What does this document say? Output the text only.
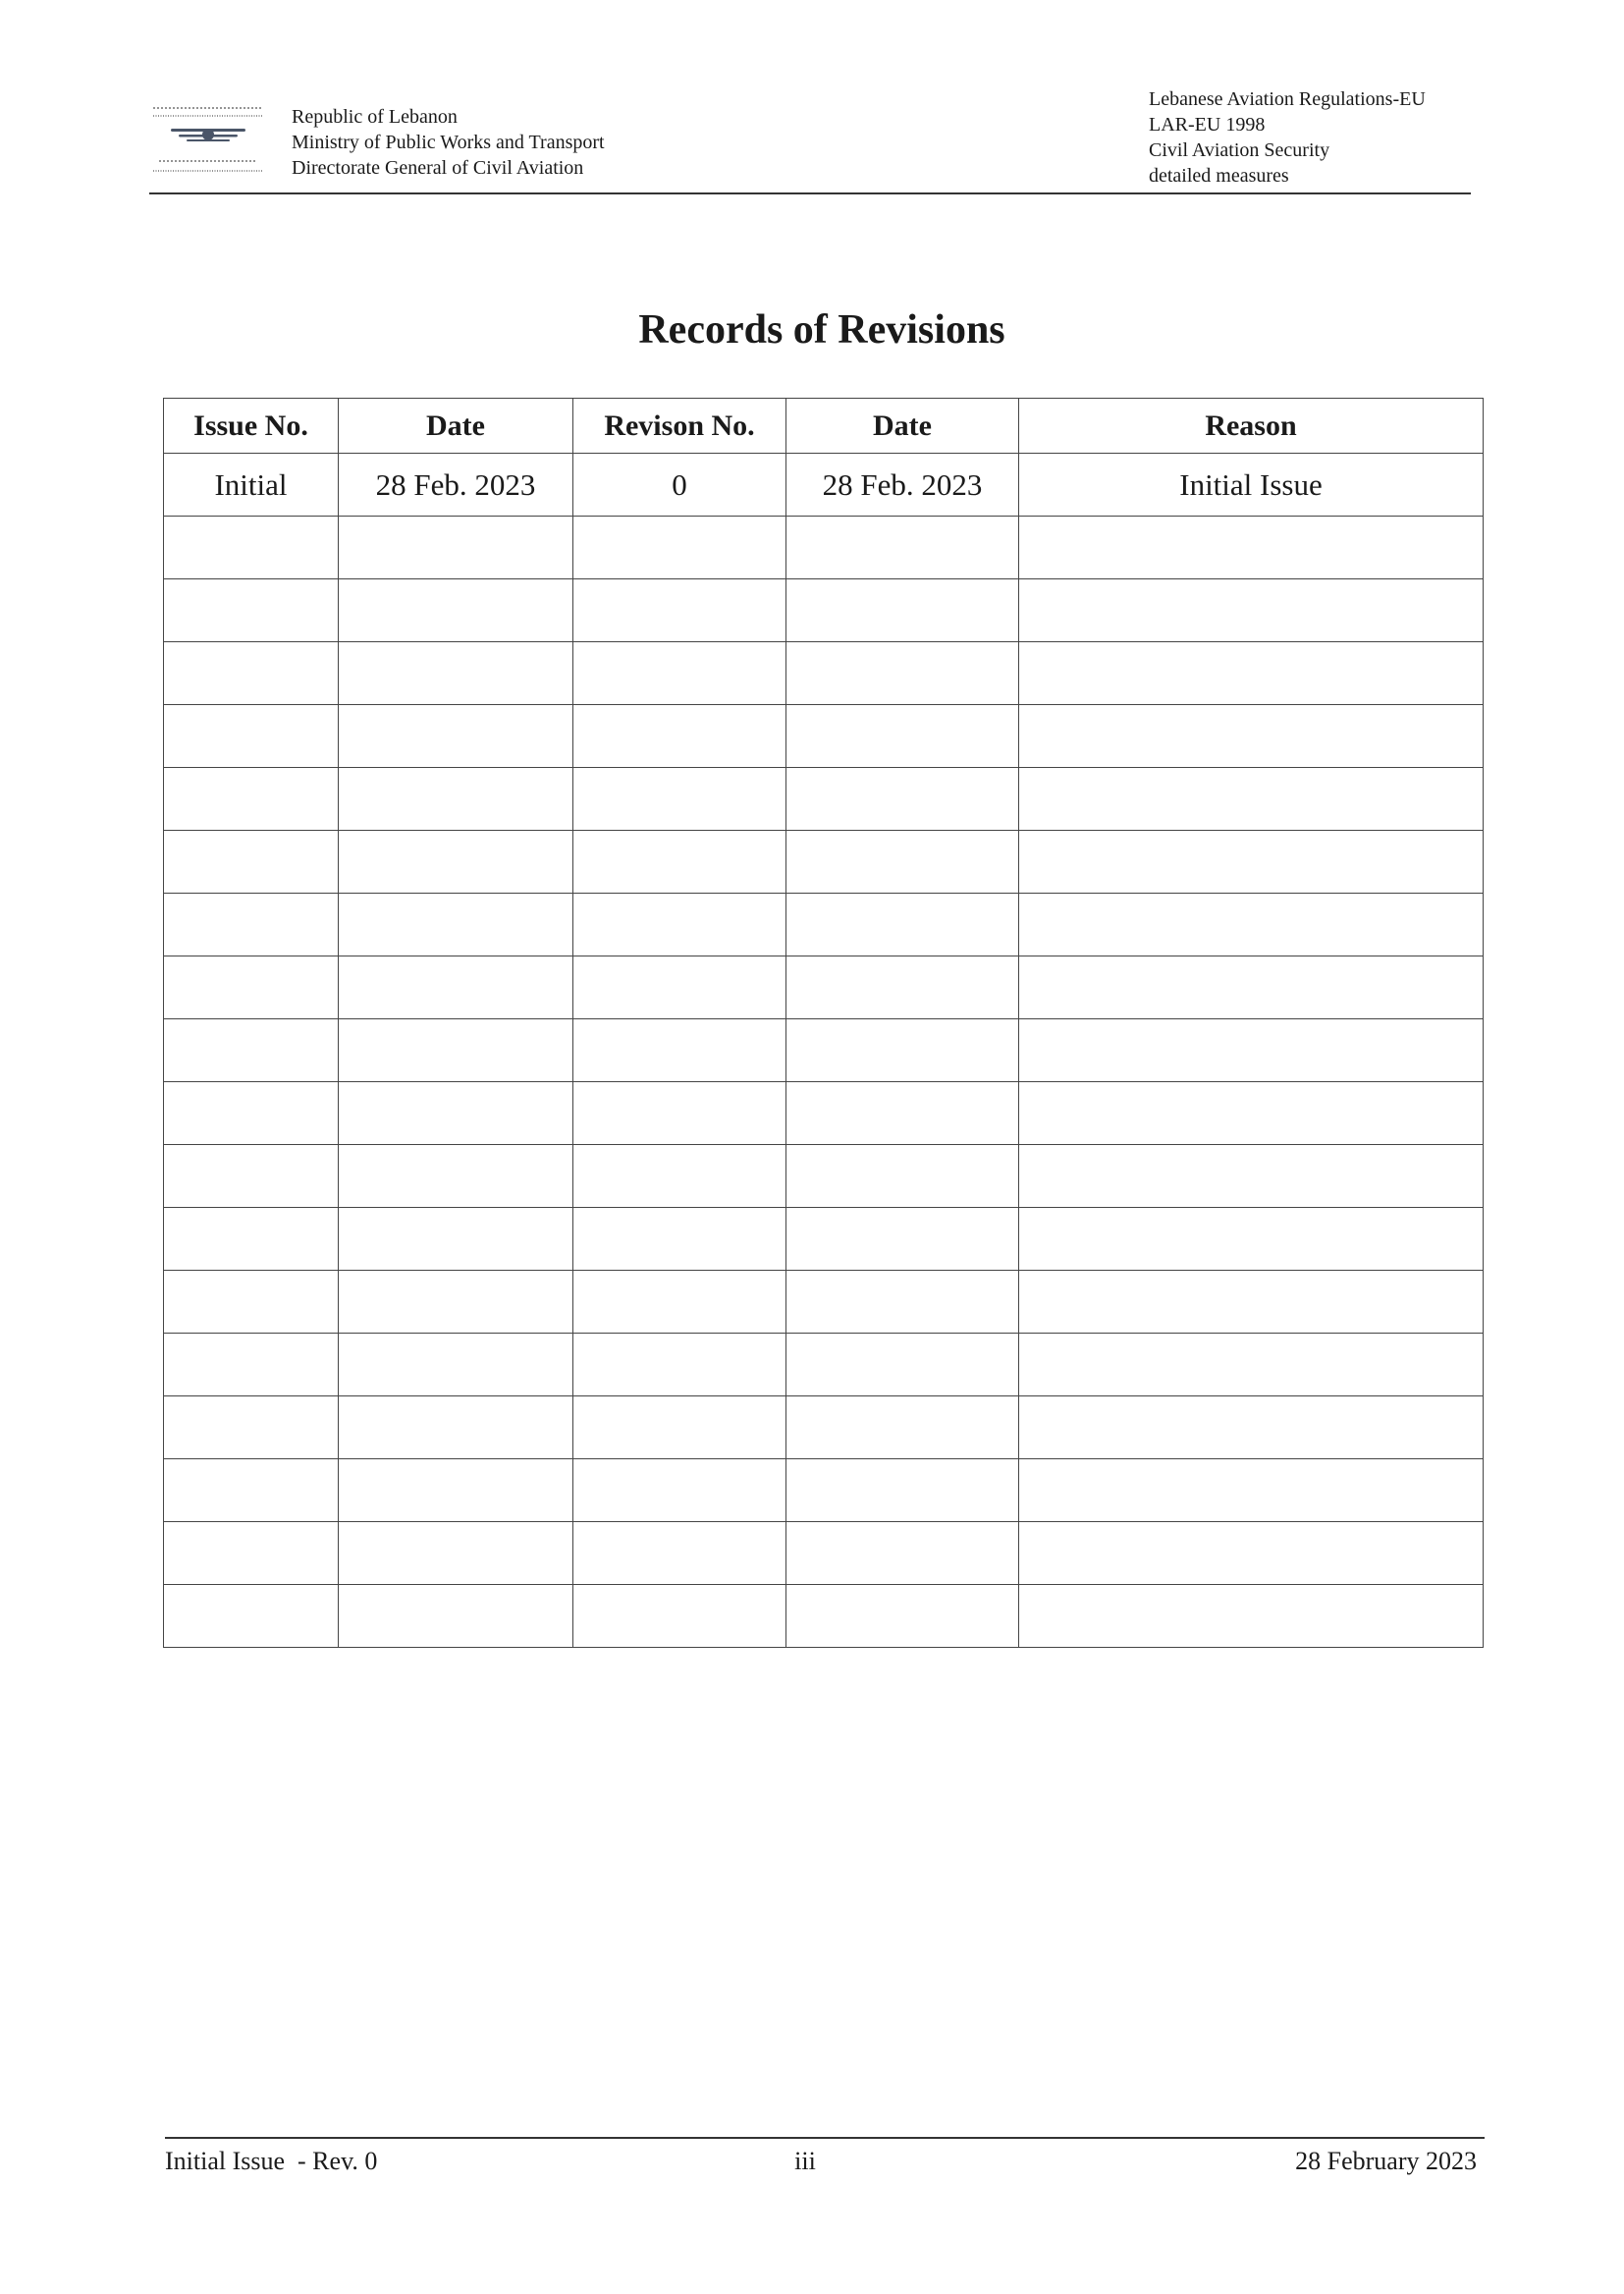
Republic of Lebanon
Ministry of Public Works and Transport
Directorate General of Civil Aviation
Lebanese Aviation Regulations-EU
LAR-EU 1998
Civil Aviation Security
detailed measures
Records of Revisions
Issue No.	Date	Revison No.	Date	Reason
Initial	28 Feb. 2023	0	28 Feb. 2023	Initial Issue

Initial Issue  - Rev. 0	iii	28 February 2023
